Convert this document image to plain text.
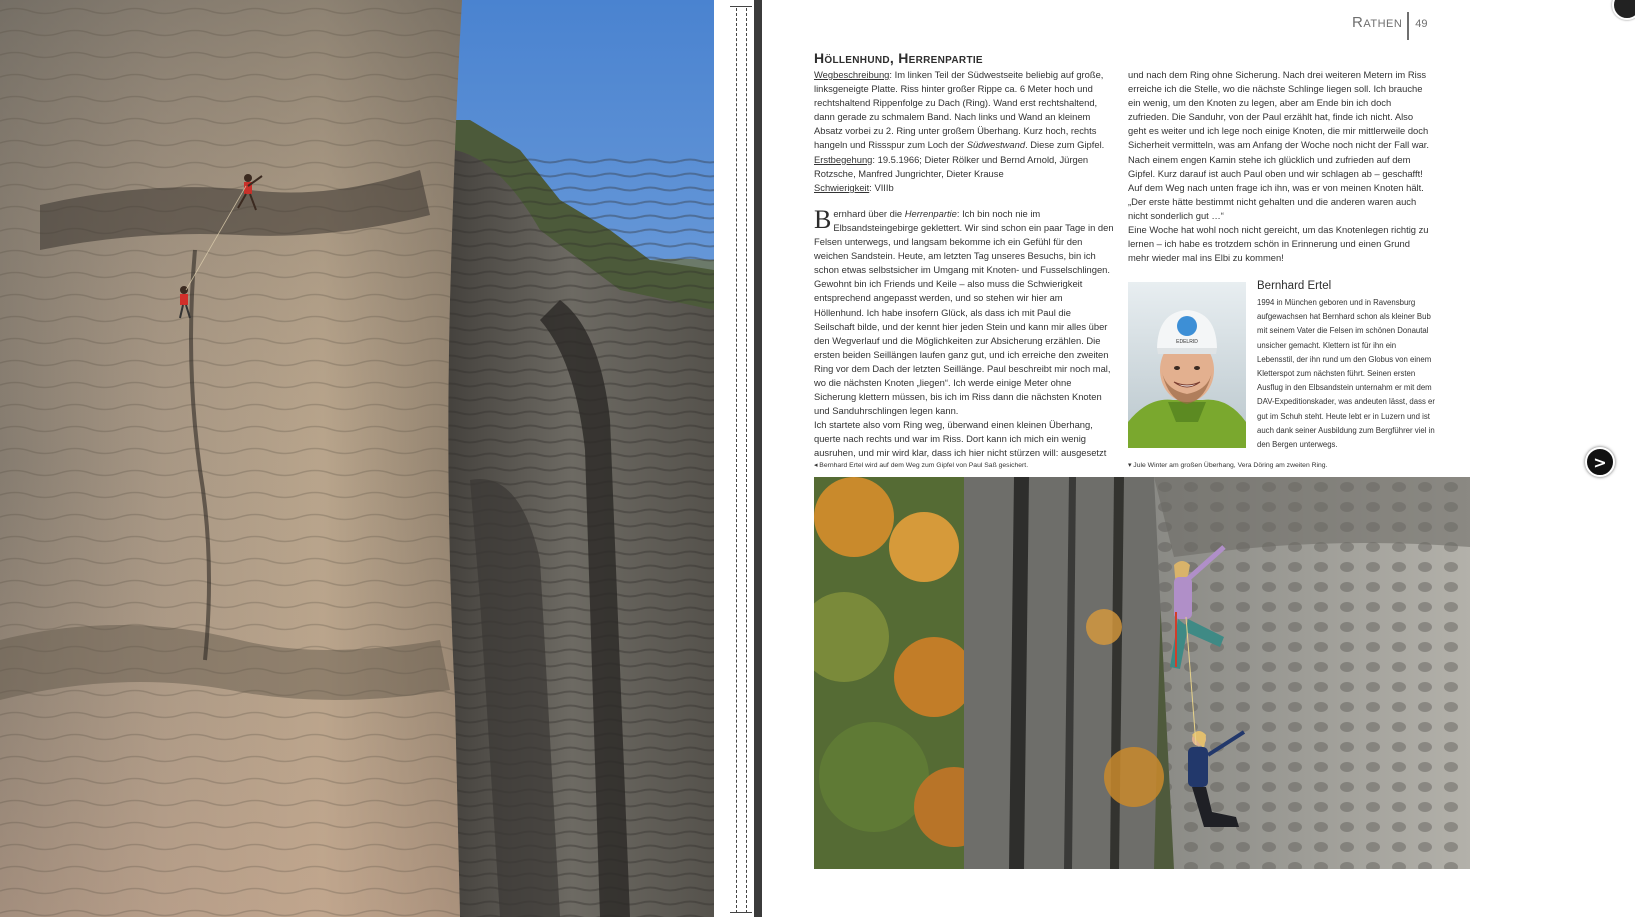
Rathen 49
Höllenhund, Herrenpartie
Wegbeschreibung: Im linken Teil der Südwestseite beliebig auf große, linksgeneigte Platte. Riss hinter großer Rippe ca. 6 Meter hoch und rechtshaltend Rippenfolge zu Dach (Ring). Wand erst rechtshaltend, dann gerade zu schmalem Band. Nach links und Wand an kleinem Absatz vorbei zu 2. Ring unter großem Überhang. Kurz hoch, rechts hangeln und Rissspur zum Loch der Südwestwand. Diese zum Gipfel.
Erstbegehung: 19.5.1966; Dieter Rölker und Bernd Arnold, Jürgen Rotzsche, Manfred Jungrichter, Dieter Krause
Schwierigkeit: VIIIb
Bernhard über die Herrenpartie: Ich bin noch nie im Elbsandsteingebirge geklettert. Wir sind schon ein paar Tage in den Felsen unterwegs, und langsam bekomme ich ein Gefühl für den weichen Sandstein. Heute, am letzten Tag unseres Besuchs, bin ich schon etwas selbstsicher im Umgang mit Knoten- und Fusselschlingen. Gewohnt bin ich Friends und Keile – also muss die Schwierigkeit entsprechend angepasst werden, und so stehen wir hier am Höllenhund. Ich habe insofern Glück, als dass ich mit Paul die Seilschaft bilde, und der kennt hier jeden Stein und kann mir alles über den Wegverlauf und die Möglichkeiten zur Absicherung erzählen. Die ersten beiden Seillängen laufen ganz gut, und ich erreiche den zweiten Ring vor dem Dach der letzten Seillänge. Paul beschreibt mir noch mal, wo die nächsten Knoten „liegen“. Ich werde einige Meter ohne Sicherung klettern müssen, bis ich im Riss dann die nächsten Knoten und Sanduhrschlingen legen kann.
Ich startete also vom Ring weg, überwand einen kleinen Überhang, querte nach rechts und war im Riss. Dort kann ich mich ein wenig ausruhen, und mir wird klar, dass ich hier nicht stürzen will: ausgesetzt
und nach dem Ring ohne Sicherung. Nach drei weiteren Metern im Riss erreiche ich die Stelle, wo die nächste Schlinge liegen soll. Ich brauche ein wenig, um den Knoten zu legen, aber am Ende bin ich doch zufrieden. Die Sanduhr, von der Paul erzählt hat, finde ich nicht. Also geht es weiter und ich lege noch einige Knoten, die mir mittlerweile doch Sicherheit vermitteln, was am Anfang der Woche noch nicht der Fall war. Nach einem engen Kamin stehe ich glücklich und zufrieden auf dem Gipfel. Kurz darauf ist auch Paul oben und wir schlagen ab – geschafft! Auf dem Weg nach unten frage ich ihn, was er von meinen Knoten hält. „Der erste hätte bestimmt nicht gehalten und die anderen waren auch nicht sonderlich gut …“
Eine Woche hat wohl noch nicht gereicht, um das Knotenlegen richtig zu lernen – ich habe es trotzdem schön in Erinnerung und einen Grund mehr wieder mal ins Elbi zu kommen!
EDELRID
Bernhard Ertel
1994 in München geboren und in Ravensburg aufgewachsen hat Bernhard schon als kleiner Bub mit seinem Vater die Felsen im schönen Donautal unsicher gemacht. Klettern ist für ihn ein Lebensstil, der ihn rund um den Globus von einem Kletterspot zum nächsten führt. Seinen ersten Ausflug in den Elbsandstein unternahm er mit dem DAV-Expeditionskader, was andeuten lässt, dass er gut im Schuh steht. Heute lebt er in Luzern und ist auch dank seiner Ausbildung zum Bergführer viel in den Bergen unterwegs.
◂ Bernhard Ertel wird auf dem Weg zum Gipfel von Paul Saß gesichert.	▾ Jule Winter am großen Überhang, Vera Döring am zweiten Ring.	>
